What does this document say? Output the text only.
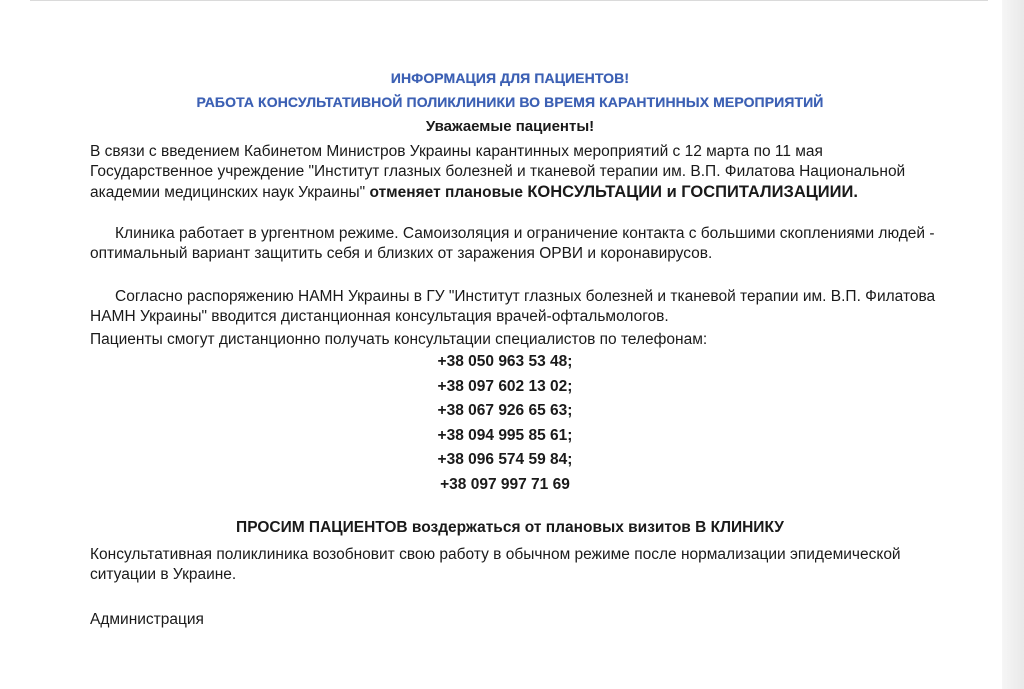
ИНФОРМАЦИЯ ДЛЯ ПАЦИЕНТОВ!
РАБОТА КОНСУЛЬТАТИВНОЙ ПОЛИКЛИНИКИ ВО ВРЕМЯ КАРАНТИННЫХ МЕРОПРИЯТИЙ
Уважаемые пациенты!
В связи с введением Кабинетом Министров Украины карантинных мероприятий с 12 марта по 11 мая Государственное учреждение "Институт глазных болезней и тканевой терапии им. В.П. Филатова Национальной академии медицинских наук Украины" отменяет плановые КОНСУЛЬТАЦИИ и ГОСПИТАЛИЗАЦИИИ.
Клиника работает в ургентном режиме. Самоизоляция и ограничение контакта с большими скоплениями людей - оптимальный вариант защитить себя и близких от заражения ОРВИ и коронавирусов.
Согласно распоряжению НАМН Украины в ГУ "Институт глазных болезней и тканевой терапии им. В.П. Филатова НАМН Украины" вводится дистанционная консультация врачей-офтальмологов.
Пациенты смогут дистанционно получать консультации специалистов по телефонам:
+38 050 963 53 48;
+38 097 602 13 02;
+38 067 926 65 63;
+38 094 995 85 61;
+38 096 574 59 84;
+38 097 997 71 69
ПРОСИМ ПАЦИЕНТОВ воздержаться от плановых визитов В КЛИНИКУ
Консультативная поликлиника возобновит свою работу в обычном режиме после нормализации эпидемической ситуации в Украине.
Администрация
